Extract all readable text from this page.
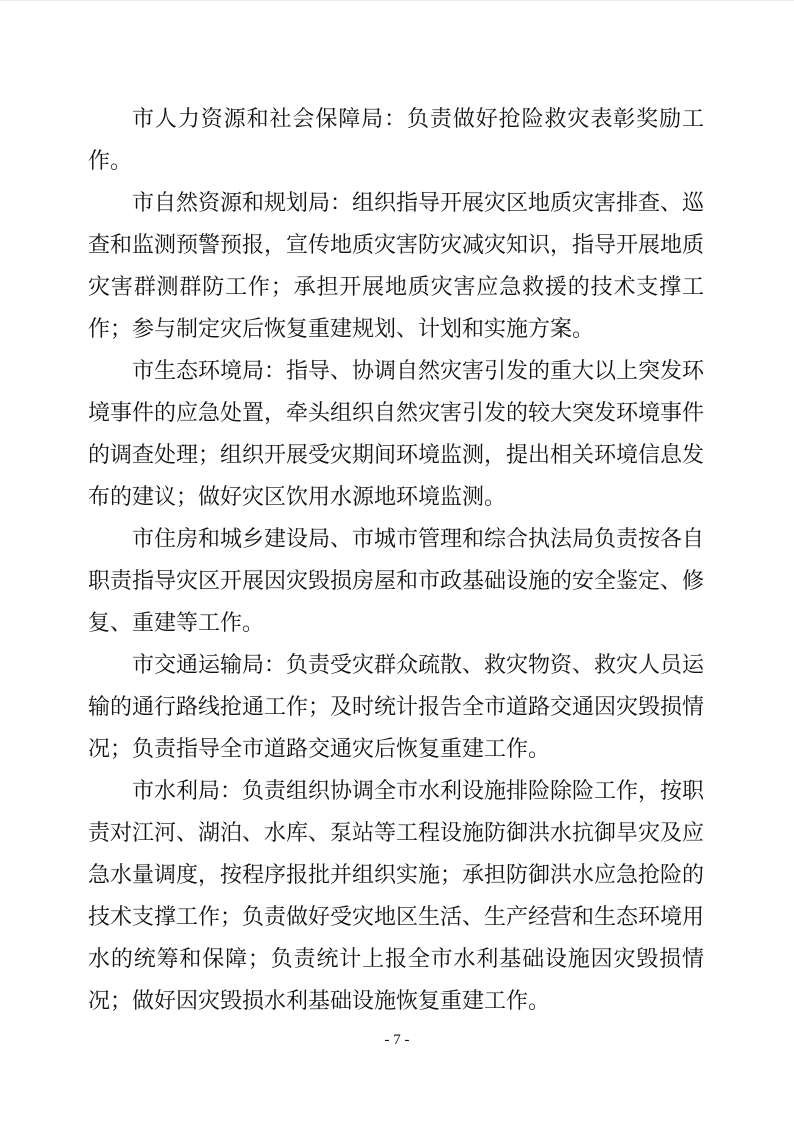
市人力资源和社会保障局：负责做好抢险救灾表彰奖励工作。

市自然资源和规划局：组织指导开展灾区地质灾害排查、巡查和监测预警预报，宣传地质灾害防灾减灾知识，指导开展地质灾害群测群防工作；承担开展地质灾害应急救援的技术支撑工作；参与制定灾后恢复重建规划、计划和实施方案。

市生态环境局：指导、协调自然灾害引发的重大以上突发环境事件的应急处置，牵头组织自然灾害引发的较大突发环境事件的调查处理；组织开展受灾期间环境监测，提出相关环境信息发布的建议；做好灾区饮用水源地环境监测。

市住房和城乡建设局、市城市管理和综合执法局负责按各自职责指导灾区开展因灾毁损房屋和市政基础设施的安全鉴定、修复、重建等工作。

市交通运输局：负责受灾群众疏散、救灾物资、救灾人员运输的通行路线抢通工作；及时统计报告全市道路交通因灾毁损情况；负责指导全市道路交通灾后恢复重建工作。

市水利局：负责组织协调全市水利设施排险除险工作，按职责对江河、湖泊、水库、泵站等工程设施防御洪水抗御旱灾及应急水量调度，按程序报批并组织实施；承担防御洪水应急抢险的技术支撑工作；负责做好受灾地区生活、生产经营和生态环境用水的统筹和保障；负责统计上报全市水利基础设施因灾毁损情况；做好因灾毁损水利基础设施恢复重建工作。

- 7 -
